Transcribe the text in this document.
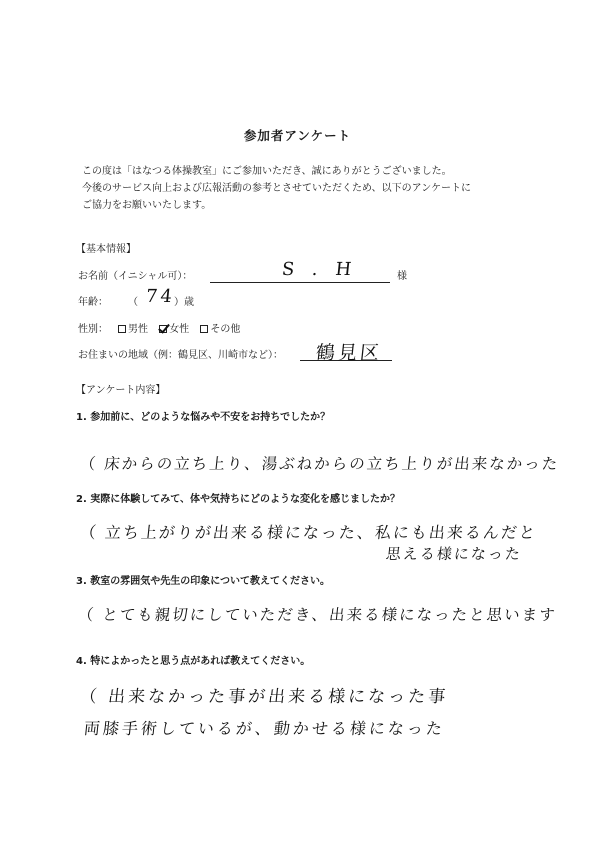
参加者アンケート
この度は「はなつる体操教室」にご参加いただき、誠にありがとうございました。
今後のサービス向上および広報活動の参考とさせていただくため、以下のアンケートに
ご協力をお願いいたします。
【基本情報】
お名前（イニシャル可）：	S . H	様
年齢： （ 74
）歳
性別：	男性 女性 その他
お住まいの地域（例：鶴見区、川崎市など）： 鶴見区
【アンケート内容】
1. 参加前に、どのような悩みや不安をお持ちでしたか？
（ 床からの立ち上り、湯ぶねからの立ち上りが出来なかった
2. 実際に体験してみて、体や気持ちにどのような変化を感じましたか？
（ 立ち上がりが出来る様になった、私にも出来るんだと
思える様になった
3. 教室の雰囲気や先生の印象について教えてください。
（ とても親切にしていただき、出来る様になったと思います
4. 特によかったと思う点があれば教えてください。
（ 出来なかった事が出来る様になった事
両膝手術しているが、動かせる様になった
